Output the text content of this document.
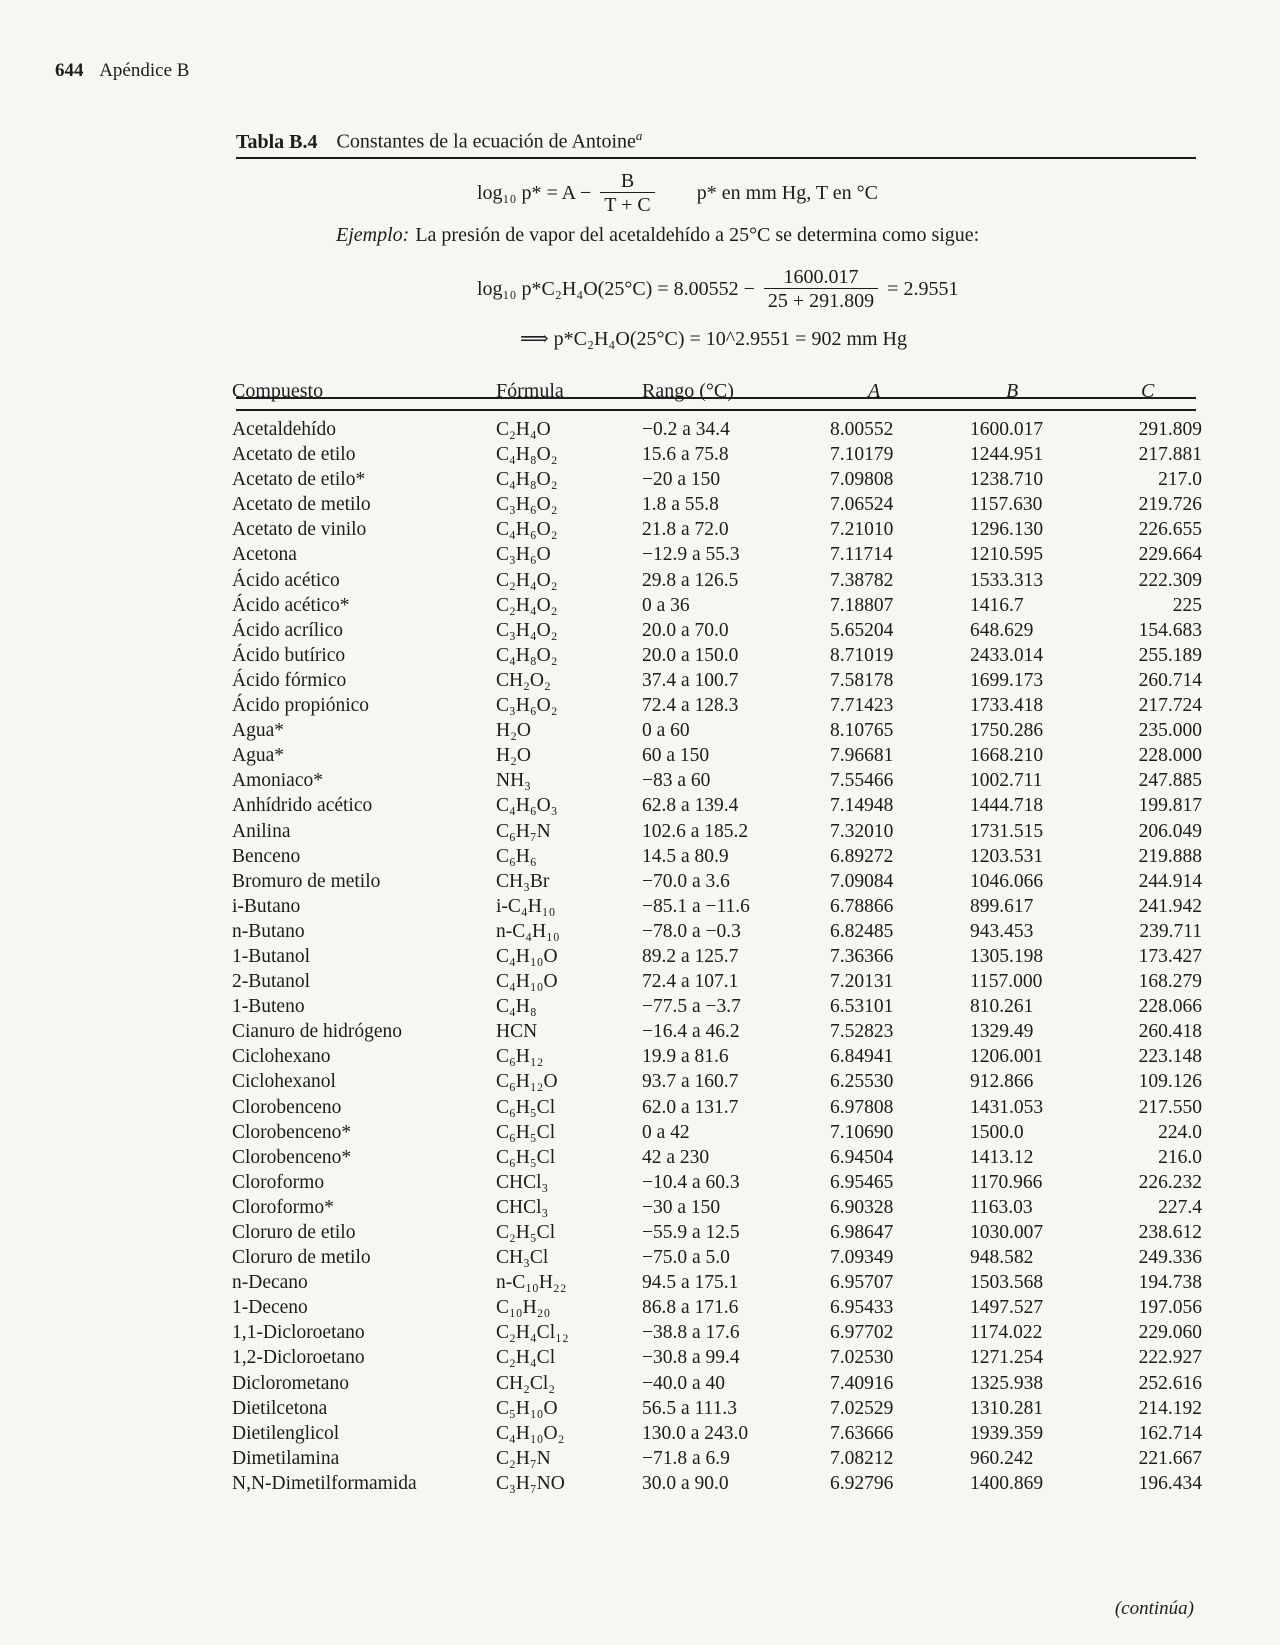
644 Apéndice B
Tabla B.4 Constantes de la ecuación de Antoine$^a$
log₁₀ $p* = A - \frac{B}{T + C} p*$ en mm Hg, T en °C
Ejemplo: La presión de vapor del acetaldehído a 25°C se determina como sigue:
log₁₀ $p*C_2H_4O(25^\circ C) = 8.00552 - \frac{1600.017}{25 + 291.809} = 2.9551$
⟹ p*C₂H₄O(25°C) = 10^2.9551 = 902 mm Hg
Compuesto	Fórmula	Rango (°C)	A	B	C
Acetaldehído	C₂H₄O	−0.2 a 34.4	8.00552	1600.017	291.809
Acetato de etilo	C₄H₈O₂	15.6 a 75.8	7.10179	1244.951	217.881
Acetato de etilo*	C₄H₈O₂	−20 a 150	7.09808	1238.710	217.0
Acetato de metilo	C₃H₆O₂	1.8 a 55.8	7.06524	1157.630	219.726
Acetato de vinilo	C₄H₆O₂	21.8 a 72.0	7.21010	1296.130	226.655
Acetona	C₃H₆O	−12.9 a 55.3	7.11714	1210.595	229.664
Ácido acético	C₂H₄O₂	29.8 a 126.5	7.38782	1533.313	222.309
Ácido acético*	C₂H₄O₂	0 a 36	7.18807	1416.7	225
Ácido acrílico	C₃H₄O₂	20.0 a 70.0	5.65204	648.629	154.683
Ácido butírico	C₄H₈O₂	20.0 a 150.0	8.71019	2433.014	255.189
Ácido fórmico	CH₂O₂	37.4 a 100.7	7.58178	1699.173	260.714
Ácido propiónico	C₃H₆O₂	72.4 a 128.3	7.71423	1733.418	217.724
Agua*	H₂O	0 a 60	8.10765	1750.286	235.000
Agua*	H₂O	60 a 150	7.96681	1668.210	228.000
Amoniaco*	NH₃	−83 a 60	7.55466	1002.711	247.885
Anhídrido acético	C₄H₆O₃	62.8 a 139.4	7.14948	1444.718	199.817
Anilina	C₆H₇N	102.6 a 185.2	7.32010	1731.515	206.049
Benceno	C₆H₆	14.5 a 80.9	6.89272	1203.531	219.888
Bromuro de metilo	CH₃Br	−70.0 a 3.6	7.09084	1046.066	244.914
i-Butano	i-C₄H₁₀	−85.1 a −11.6	6.78866	899.617	241.942
n-Butano	n-C₄H₁₀	−78.0 a −0.3	6.82485	943.453	239.711
1-Butanol	C₄H₁₀O	89.2 a 125.7	7.36366	1305.198	173.427
2-Butanol	C₄H₁₀O	72.4 a 107.1	7.20131	1157.000	168.279
1-Buteno	C₄H₈	−77.5 a −3.7	6.53101	810.261	228.066
Cianuro de hidrógeno	HCN	−16.4 a 46.2	7.52823	1329.49	260.418
Ciclohexano	C₆H₁₂	19.9 a 81.6	6.84941	1206.001	223.148
Ciclohexanol	C₆H₁₂O	93.7 a 160.7	6.25530	912.866	109.126
Clorobenceno	C₆H₅Cl	62.0 a 131.7	6.97808	1431.053	217.550
Clorobenceno*	C₆H₅Cl	0 a 42	7.10690	1500.0	224.0
Clorobenceno*	C₆H₅Cl	42 a 230	6.94504	1413.12	216.0
Cloroformo	CHCl₃	−10.4 a 60.3	6.95465	1170.966	226.232
Cloroformo*	CHCl₃	−30 a 150	6.90328	1163.03	227.4
Cloruro de etilo	C₂H₅Cl	−55.9 a 12.5	6.98647	1030.007	238.612
Cloruro de metilo	CH₃Cl	−75.0 a 5.0	7.09349	948.582	249.336
n-Decano	n-C₁₀H₂₂	94.5 a 175.1	6.95707	1503.568	194.738
1-Deceno	C₁₀H₂₀	86.8 a 171.6	6.95433	1497.527	197.056
1,1-Dicloroetano	C₂H₄Cl₁₂	−38.8 a 17.6	6.97702	1174.022	229.060
1,2-Dicloroetano	C₂H₄Cl	−30.8 a 99.4	7.02530	1271.254	222.927
Diclorometano	CH₂Cl₂	−40.0 a 40	7.40916	1325.938	252.616
Dietilcetona	C₅H₁₀O	56.5 a 111.3	7.02529	1310.281	214.192
Dietilenglicol	C₄H₁₀O₂	130.0 a 243.0	7.63666	1939.359	162.714
Dimetilamina	C₂H₇N	−71.8 a 6.9	7.08212	960.242	221.667
N,N-Dimetilformamida	C₃H₇NO	30.0 a 90.0	6.92796	1400.869	196.434
(continúa)
